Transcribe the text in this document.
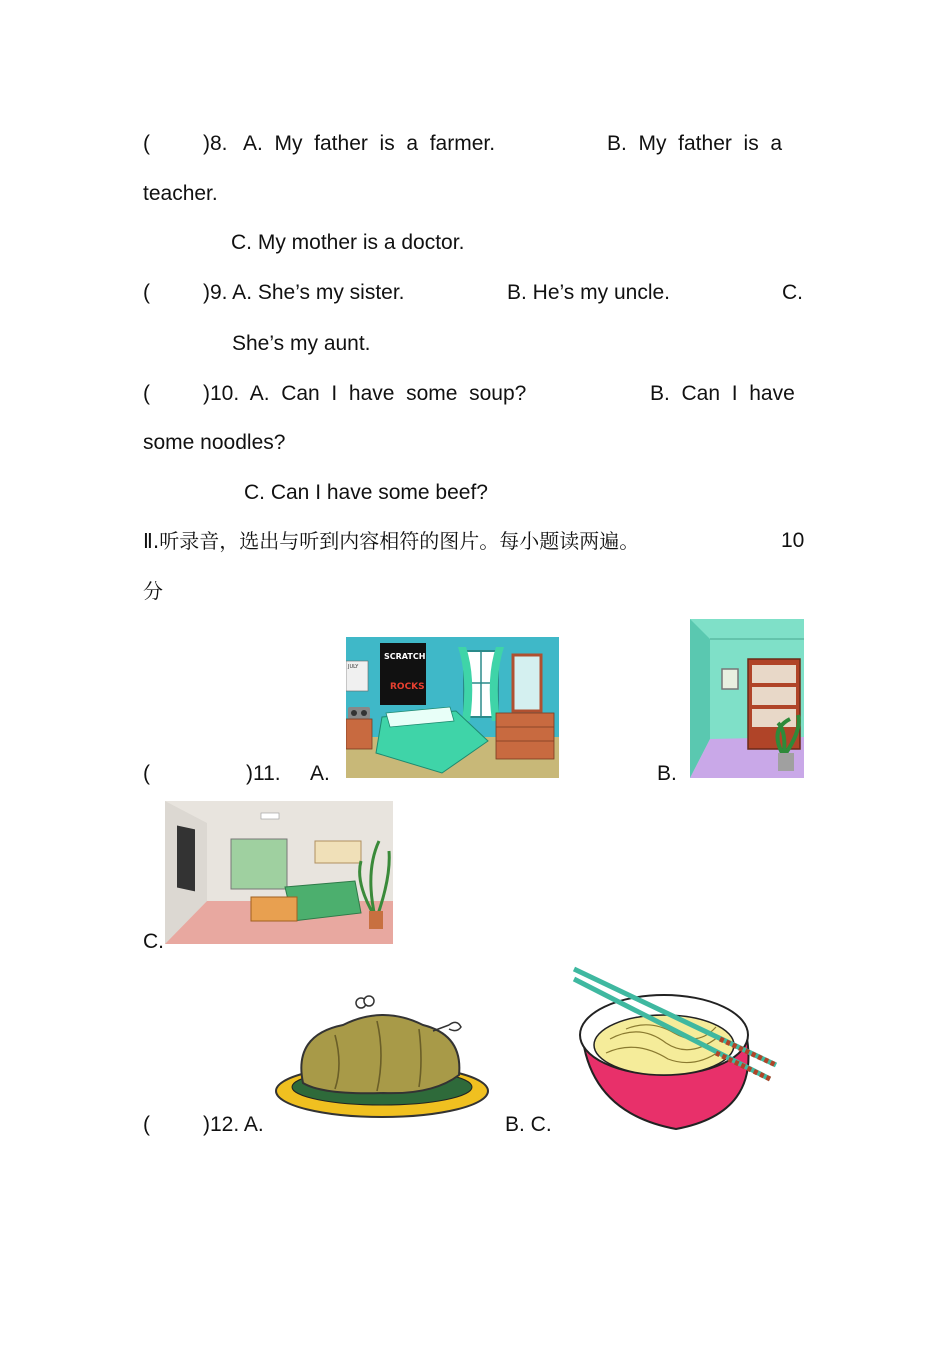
(	)8. A.  My  father  is  a  farmer.	B.  My  father  is  a
teacher.
C. My mother is a doctor.
(	)9. A. She’s my sister.	B. He’s my uncle.	C.
She’s my aunt.
(	)10.  A.  Can  I  have  some  soup?	B.  Can  I  have
some noodles?
C. Can I have some beef?
Ⅱ.听录音，选出与听到内容相符的图片。每小题读两遍。	10
分
(	)11. A.	B.
C.
JULY
SCRATCH
ROCKS
(	)12. A.	B. C.
